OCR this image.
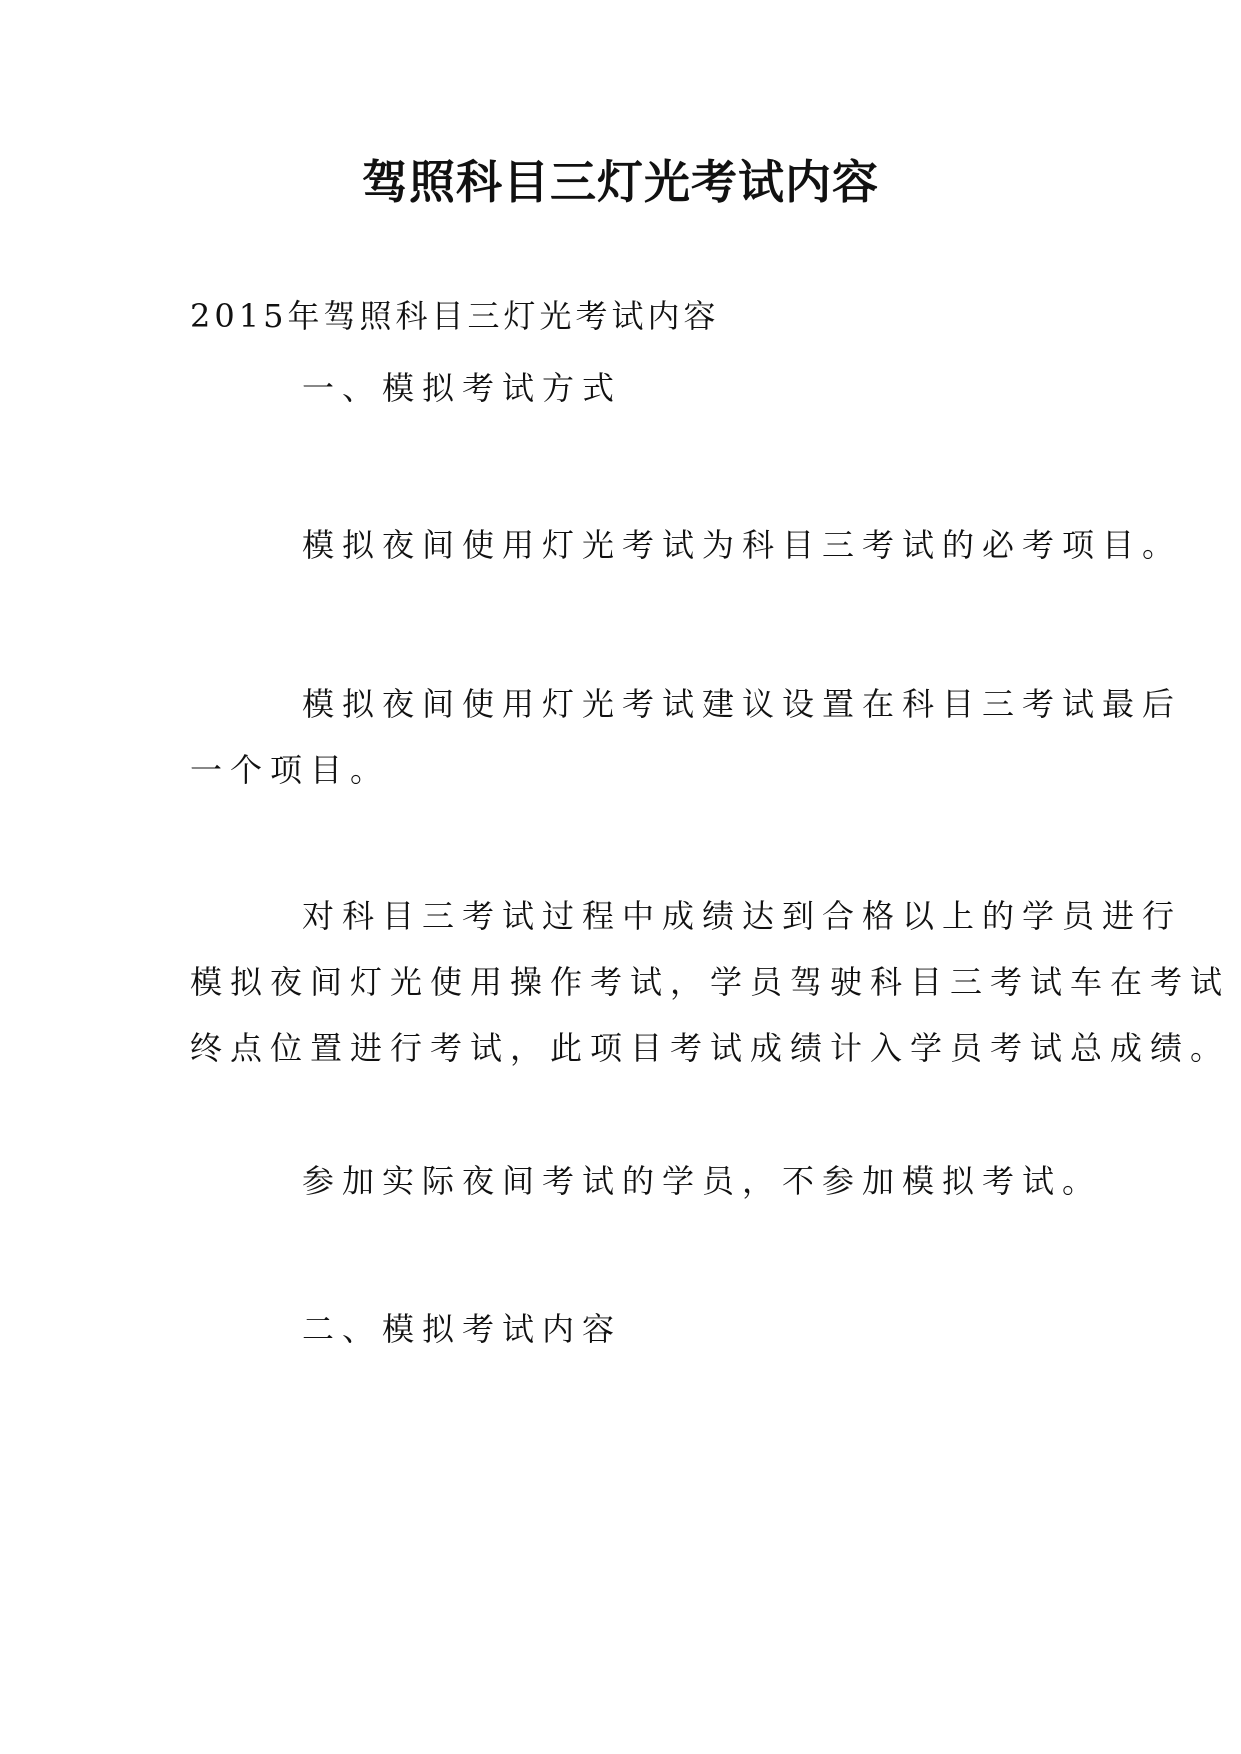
驾照科目三灯光考试内容
2015年驾照科目三灯光考试内容
一、模拟考试方式
模拟夜间使用灯光考试为科目三考试的必考项目。
模拟夜间使用灯光考试建议设置在科目三考试最后
一个项目。
对科目三考试过程中成绩达到合格以上的学员进行
模拟夜间灯光使用操作考试，学员驾驶科目三考试车在考试
终点位置进行考试，此项目考试成绩计入学员考试总成绩。
参加实际夜间考试的学员，不参加模拟考试。
二、模拟考试内容
